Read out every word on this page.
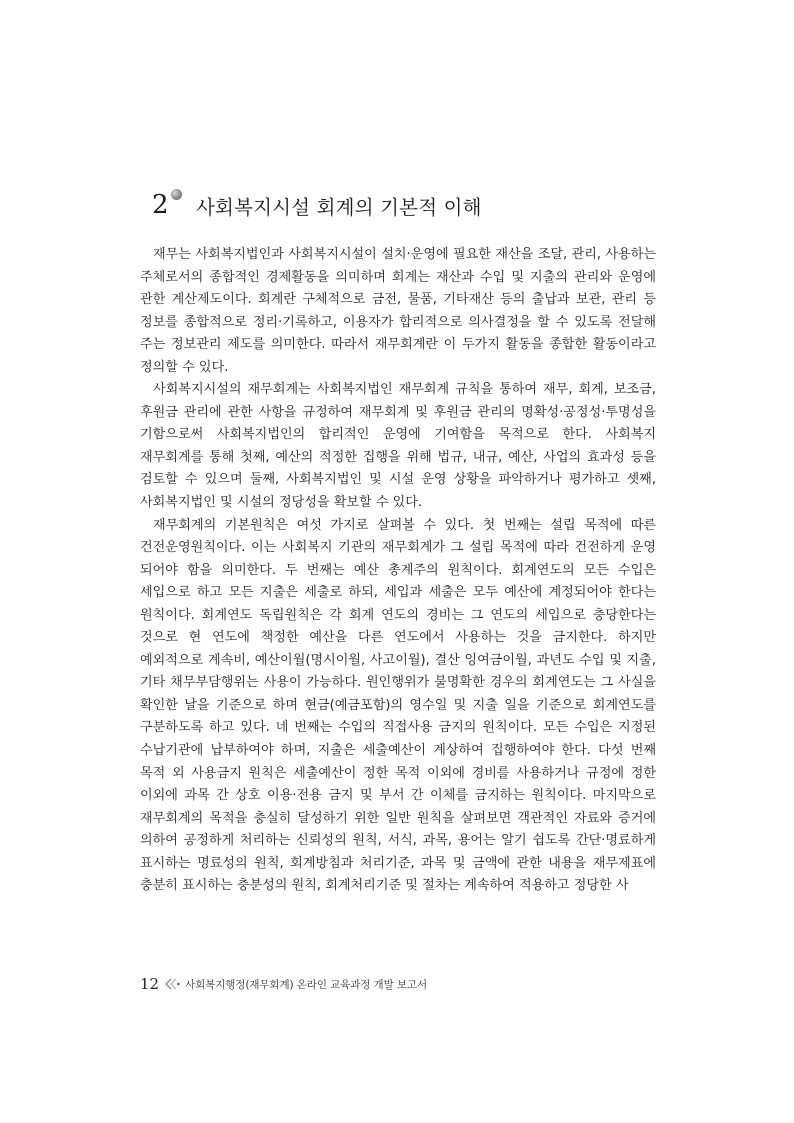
2 사회복지시설 회계의 기본적 이해

재무는 사회복지법인과 사회복지시설이 설치·운영에 필요한 재산을 조달, 관리, 사용하는 주체로서의 종합적인 경제활동을 의미하며 회계는 재산과 수입 및 지출의 관리와 운영에 관한 계산제도이다. 회계란 구체적으로 금전, 물품, 기타재산 등의 출납과 보관, 관리 등 정보를 종합적으로 정리·기록하고, 이용자가 합리적으로 의사결정을 할 수 있도록 전달해 주는 정보관리 제도를 의미한다. 따라서 재무회계란 이 두가지 활동을 종합한 활동이라고 정의할 수 있다.

사회복지시설의 재무회계는 사회복지법인 재무회계 규칙을 통하여 재무, 회계, 보조금, 후원금 관리에 관한 사항을 규정하여 재무회계 및 후원금 관리의 명확성·공정성·투명성을 기함으로써 사회복지법인의 합리적인 운영에 기여함을 목적으로 한다. 사회복지 재무회계를 통해 첫째, 예산의 적정한 집행을 위해 법규, 내규, 예산, 사업의 효과성 등을 검토할 수 있으며 둘째, 사회복지법인 및 시설 운영 상황을 파악하거나 평가하고 셋째, 사회복지법인 및 시설의 정당성을 확보할 수 있다.

재무회계의 기본원칙은 여섯 가지로 살펴볼 수 있다. 첫 번째는 설립 목적에 따른 건전운영원칙이다. 이는 사회복지 기관의 재무회계가 그 설립 목적에 따라 건전하게 운영 되어야 함을 의미한다. 두 번째는 예산 총계주의 원칙이다. 회계연도의 모든 수입은 세입으로 하고 모든 지출은 세출로 하되, 세입과 세출은 모두 예산에 계정되어야 한다는 원칙이다. 회계연도 독립원칙은 각 회계 연도의 경비는 그 연도의 세입으로 충당한다는 것으로 현 연도에 책정한 예산을 다른 연도에서 사용하는 것을 금지한다. 하지만 예외적으로 계속비, 예산이월(명시이월, 사고이월), 결산 잉여금이월, 과년도 수입 및 지출, 기타 채무부담행위는 사용이 가능하다. 원인행위가 불명확한 경우의 회계연도는 그 사실을 확인한 날을 기준으로 하며 현금(예금포함)의 영수일 및 지출 일을 기준으로 회계연도를 구분하도록 하고 있다. 네 번째는 수입의 직접사용 금지의 원칙이다. 모든 수입은 지정된 수납기관에 납부하여야 하며, 지출은 세출예산이 계상하여 집행하여야 한다. 다섯 번째 목적 외 사용금지 원칙은 세출예산이 정한 목적 이외에 경비를 사용하거나 규정에 정한 이외에 과목 간 상호 이용·전용 금지 및 부서 간 이체를 금지하는 원칙이다. 마지막으로 재무회계의 목적을 충실히 달성하기 위한 일반 원칙을 살펴보면 객관적인 자료와 증거에 의하여 공정하게 처리하는 신뢰성의 원칙, 서식, 과목, 용어는 알기 쉽도록 간단·명료하게 표시하는 명료성의 원칙, 회계방침과 처리기준, 과목 및 금액에 관한 내용을 재무제표에 충분히 표시하는 충분성의 원칙, 회계처리기준 및 절차는 계속하여 적용하고 정당한 사

12 사회복지행정(재무회계) 온라인 교육과정 개발 보고서
